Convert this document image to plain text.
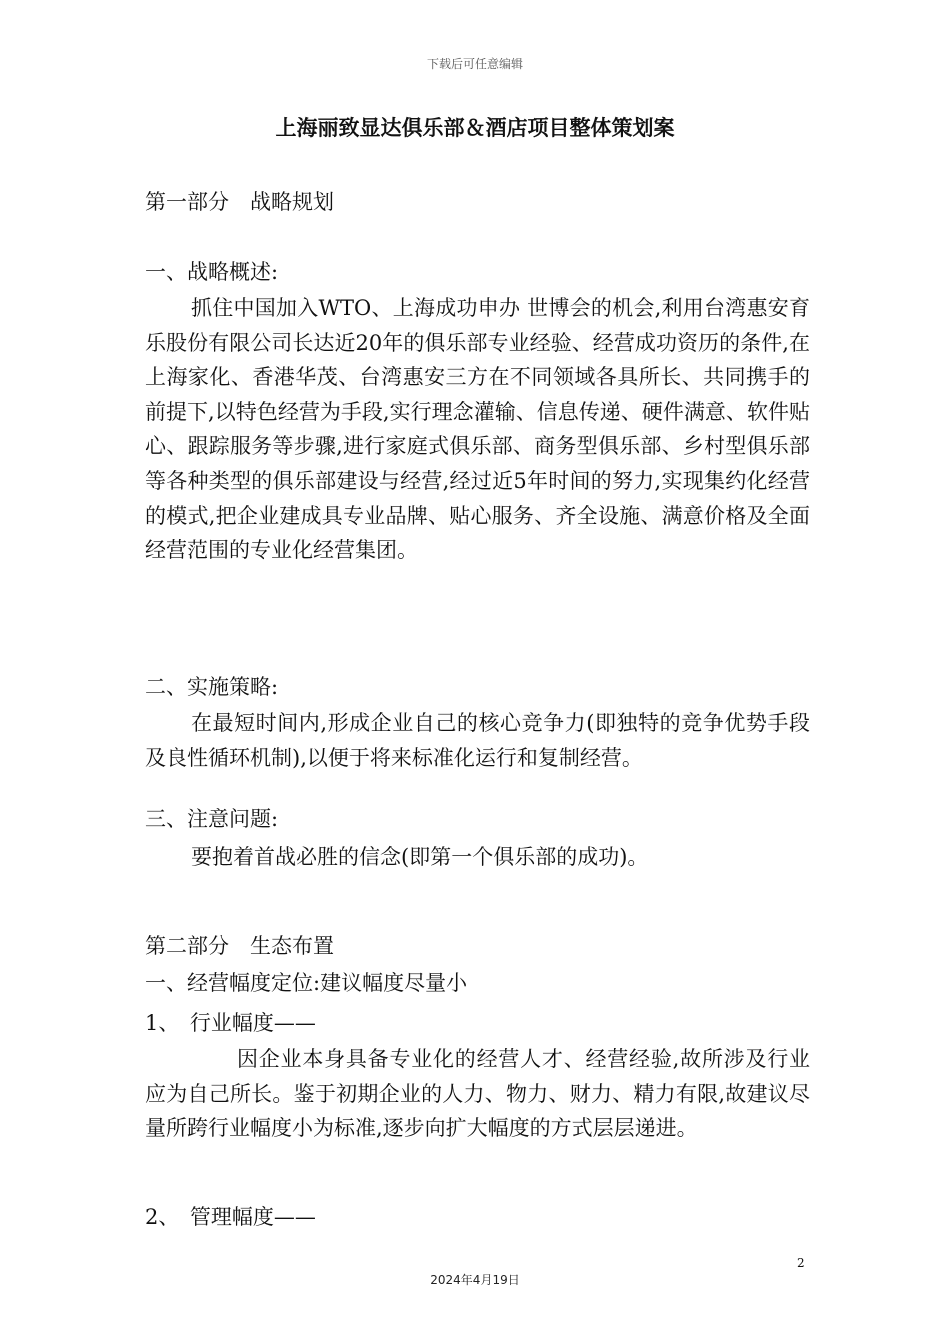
下载后可任意编辑
上海丽致显达俱乐部＆酒店项目整体策划案
第一部分　战略规划
一、战略概述:
抓住中国加入WTO、上海成功申办 世博会的机会,利用台湾惠安育乐股份有限公司长达近20年的俱乐部专业经验、经营成功资历的条件,在上海家化、香港华茂、台湾惠安三方在不同领域各具所长、共同携手的前提下,以特色经营为手段,实行理念灌输、信息传递、硬件满意、软件贴心、跟踪服务等步骤,进行家庭式俱乐部、商务型俱乐部、乡村型俱乐部等各种类型的俱乐部建设与经营,经过近5年时间的努力,实现集约化经营的模式,把企业建成具专业品牌、贴心服务、齐全设施、满意价格及全面经营范围的专业化经营集团。
二、实施策略:
在最短时间内,形成企业自己的核心竞争力(即独特的竞争优势手段及良性循环机制),以便于将来标准化运行和复制经营。
三、注意问题:
要抱着首战必胜的信念(即第一个俱乐部的成功)。
第二部分　生态布置
一、经营幅度定位:建议幅度尽量小
1、　行业幅度——
因企业本身具备专业化的经营人才、经营经验,故所涉及行业应为自己所长。鉴于初期企业的人力、物力、财力、精力有限,故建议尽量所跨行业幅度小为标准,逐步向扩大幅度的方式层层递进。
2、　管理幅度——
2
2024年4月19日
